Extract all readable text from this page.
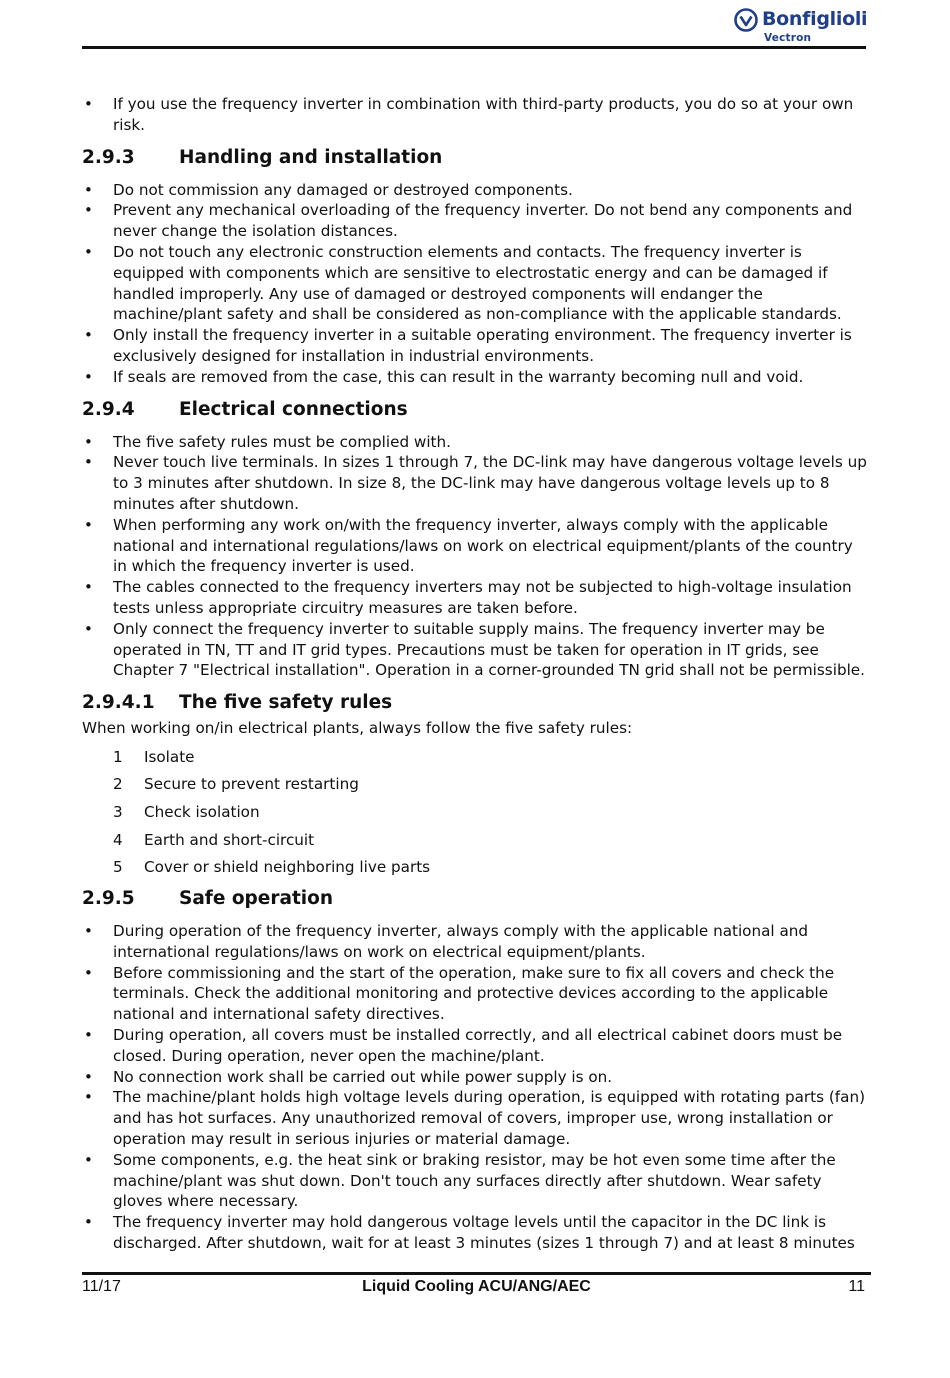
Bonfiglioli
Vectron
• If you use the frequency inverter in combination with third-party products, you do so at your own risk.
2.9.3 Handling and installation
• Do not commission any damaged or destroyed components.
• Prevent any mechanical overloading of the frequency inverter. Do not bend any components and never change the isolation distances.
• Do not touch any electronic construction elements and contacts. The frequency inverter is equipped with components which are sensitive to electrostatic energy and can be damaged if handled improperly. Any use of damaged or destroyed components will endanger the machine/plant safety and shall be considered as non-compliance with the applicable standards.
• Only install the frequency inverter in a suitable operating environment. The frequency inverter is exclusively designed for installation in industrial environments.
• If seals are removed from the case, this can result in the warranty becoming null and void.
2.9.4 Electrical connections
• The five safety rules must be complied with.
• Never touch live terminals. In sizes 1 through 7, the DC-link may have dangerous voltage levels up to 3 minutes after shutdown. In size 8, the DC-link may have dangerous voltage levels up to 8 minutes after shutdown.
• When performing any work on/with the frequency inverter, always comply with the applicable national and international regulations/laws on work on electrical equipment/plants of the country in which the frequency inverter is used.
• The cables connected to the frequency inverters may not be subjected to high-voltage insulation tests unless appropriate circuitry measures are taken before.
• Only connect the frequency inverter to suitable supply mains. The frequency inverter may be operated in TN, TT and IT grid types. Precautions must be taken for operation in IT grids, see Chapter 7 "Electrical installation". Operation in a corner-grounded TN grid shall not be permissible.
2.9.4.1 The five safety rules

When working on/in electrical plants, always follow the five safety rules:

1 Isolate
2 Secure to prevent restarting
3 Check isolation
4 Earth and short-circuit
5 Cover or shield neighboring live parts
2.9.5 Safe operation
• During operation of the frequency inverter, always comply with the applicable national and international regulations/laws on work on electrical equipment/plants.
• Before commissioning and the start of the operation, make sure to fix all covers and check the terminals. Check the additional monitoring and protective devices according to the applicable national and international safety directives.
• During operation, all covers must be installed correctly, and all electrical cabinet doors must be closed. During operation, never open the machine/plant.
• No connection work shall be carried out while power supply is on.
• The machine/plant holds high voltage levels during operation, is equipped with rotating parts (fan) and has hot surfaces. Any unauthorized removal of covers, improper use, wrong installation or operation may result in serious injuries or material damage.
• Some components, e.g. the heat sink or braking resistor, may be hot even some time after the machine/plant was shut down. Don't touch any surfaces directly after shutdown. Wear safety gloves where necessary.
• The frequency inverter may hold dangerous voltage levels until the capacitor in the DC link is discharged. After shutdown, wait for at least 3 minutes (sizes 1 through 7) and at least 8 minutes
11/17	Liquid Cooling ACU/ANG/AEC	11
